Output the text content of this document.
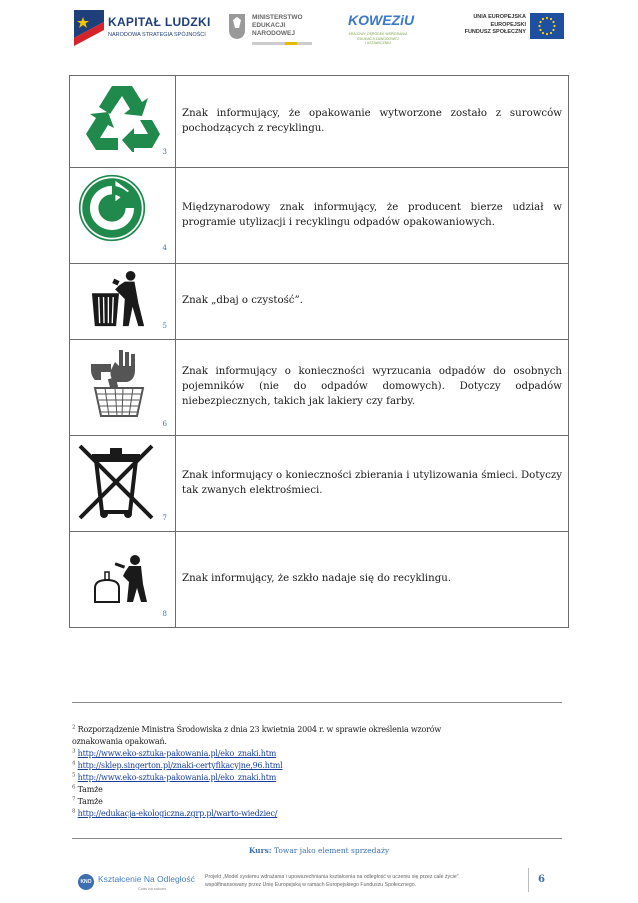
KAPITAŁ LUDZKI
NARODOWA STRATEGIA SPÓJNOŚCI
MINISTERSTWO
EDUKACJI
NARODOWEJ
KOWEZiU
KRAJOWY OŚRODEK WSPIERANIA
EDUKACJI ZAWODOWEJ
I USTAWICZNEJ
UNIA EUROPEJSKA
EUROPEJSKI
FUNDUSZ SPOŁECZNY
3	Znak informujący, że opakowanie wytworzone zostało z surowców pochodzących z recyklingu.

4	Międzynarodowy znak informujący, że producent bierze udział w programie utylizacji i recyklingu odpadów opakowaniowych.

5	Znak „dbaj o czystość”.

6	Znak informujący o konieczności wyrzucania odpadów do osobnych pojemników (nie do odpadów domowych). Dotyczy odpadów niebezpiecznych, takich jak lakiery czy farby.

7	Znak informujący o konieczności zbierania i utylizowania śmieci. Dotyczy tak zwanych elektrośmieci.

8	Znak informujący, że szkło nadaje się do recyklingu.
$^2$ Rozporządzenie Ministra Środowiska z dnia 23 kwietnia 2004 r. w sprawie określenia wzorów
oznakowania opakowań.
$^3$ http://www.eko-sztuka-pakowania.pl/eko_znaki.htm
$^4$ http://sklep.singerton.pl/znaki-certyfikacyjne,96.html
$^5$ http://www.eko-sztuka-pakowania.pl/eko_znaki.htm
$^6$ Tamże
$^7$ Tamże
$^8$ http://edukacja-ekologiczna.zgrp.pl/warto-wiedziec/
Kurs: Towar jako element sprzedaży
KNO Kształcenie Na Odległość
Czas na sukces
Projekt „Model systemu wdrażania i upowszechniania kształcenia na odległość w uczeniu się przez całe życie”
współfinansowany przez Unię Europejską w ramach Europejskiego Funduszu Społecznego.	6
